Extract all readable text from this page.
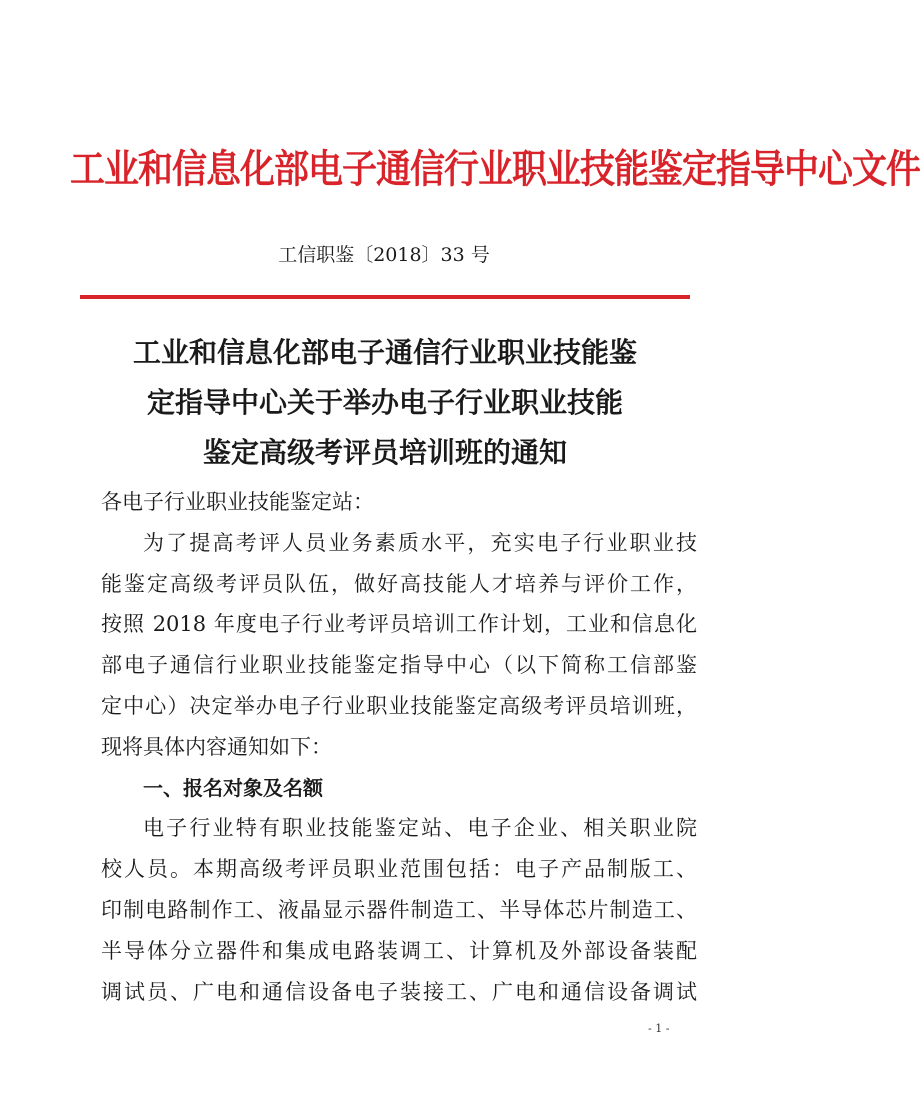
工业和信息化部电子通信行业职业技能鉴定指导中心文件
工信职鉴〔2018〕33 号
工业和信息化部电子通信行业职业技能鉴
定指导中心关于举办电子行业职业技能
鉴定高级考评员培训班的通知
各电子行业职业技能鉴定站：
为了提高考评人员业务素质水平，充实电子行业职业技
能鉴定高级考评员队伍，做好高技能人才培养与评价工作，
按照 2018 年度电子行业考评员培训工作计划，工业和信息化
部电子通信行业职业技能鉴定指导中心（以下简称工信部鉴
定中心）决定举办电子行业职业技能鉴定高级考评员培训班，
现将具体内容通知如下：
一、报名对象及名额
电子行业特有职业技能鉴定站、电子企业、相关职业院
校人员。本期高级考评员职业范围包括：电子产品制版工、
印制电路制作工、液晶显示器件制造工、半导体芯片制造工、
半导体分立器件和集成电路装调工、计算机及外部设备装配
调试员、广电和通信设备电子装接工、广电和通信设备调试
- 1 -
